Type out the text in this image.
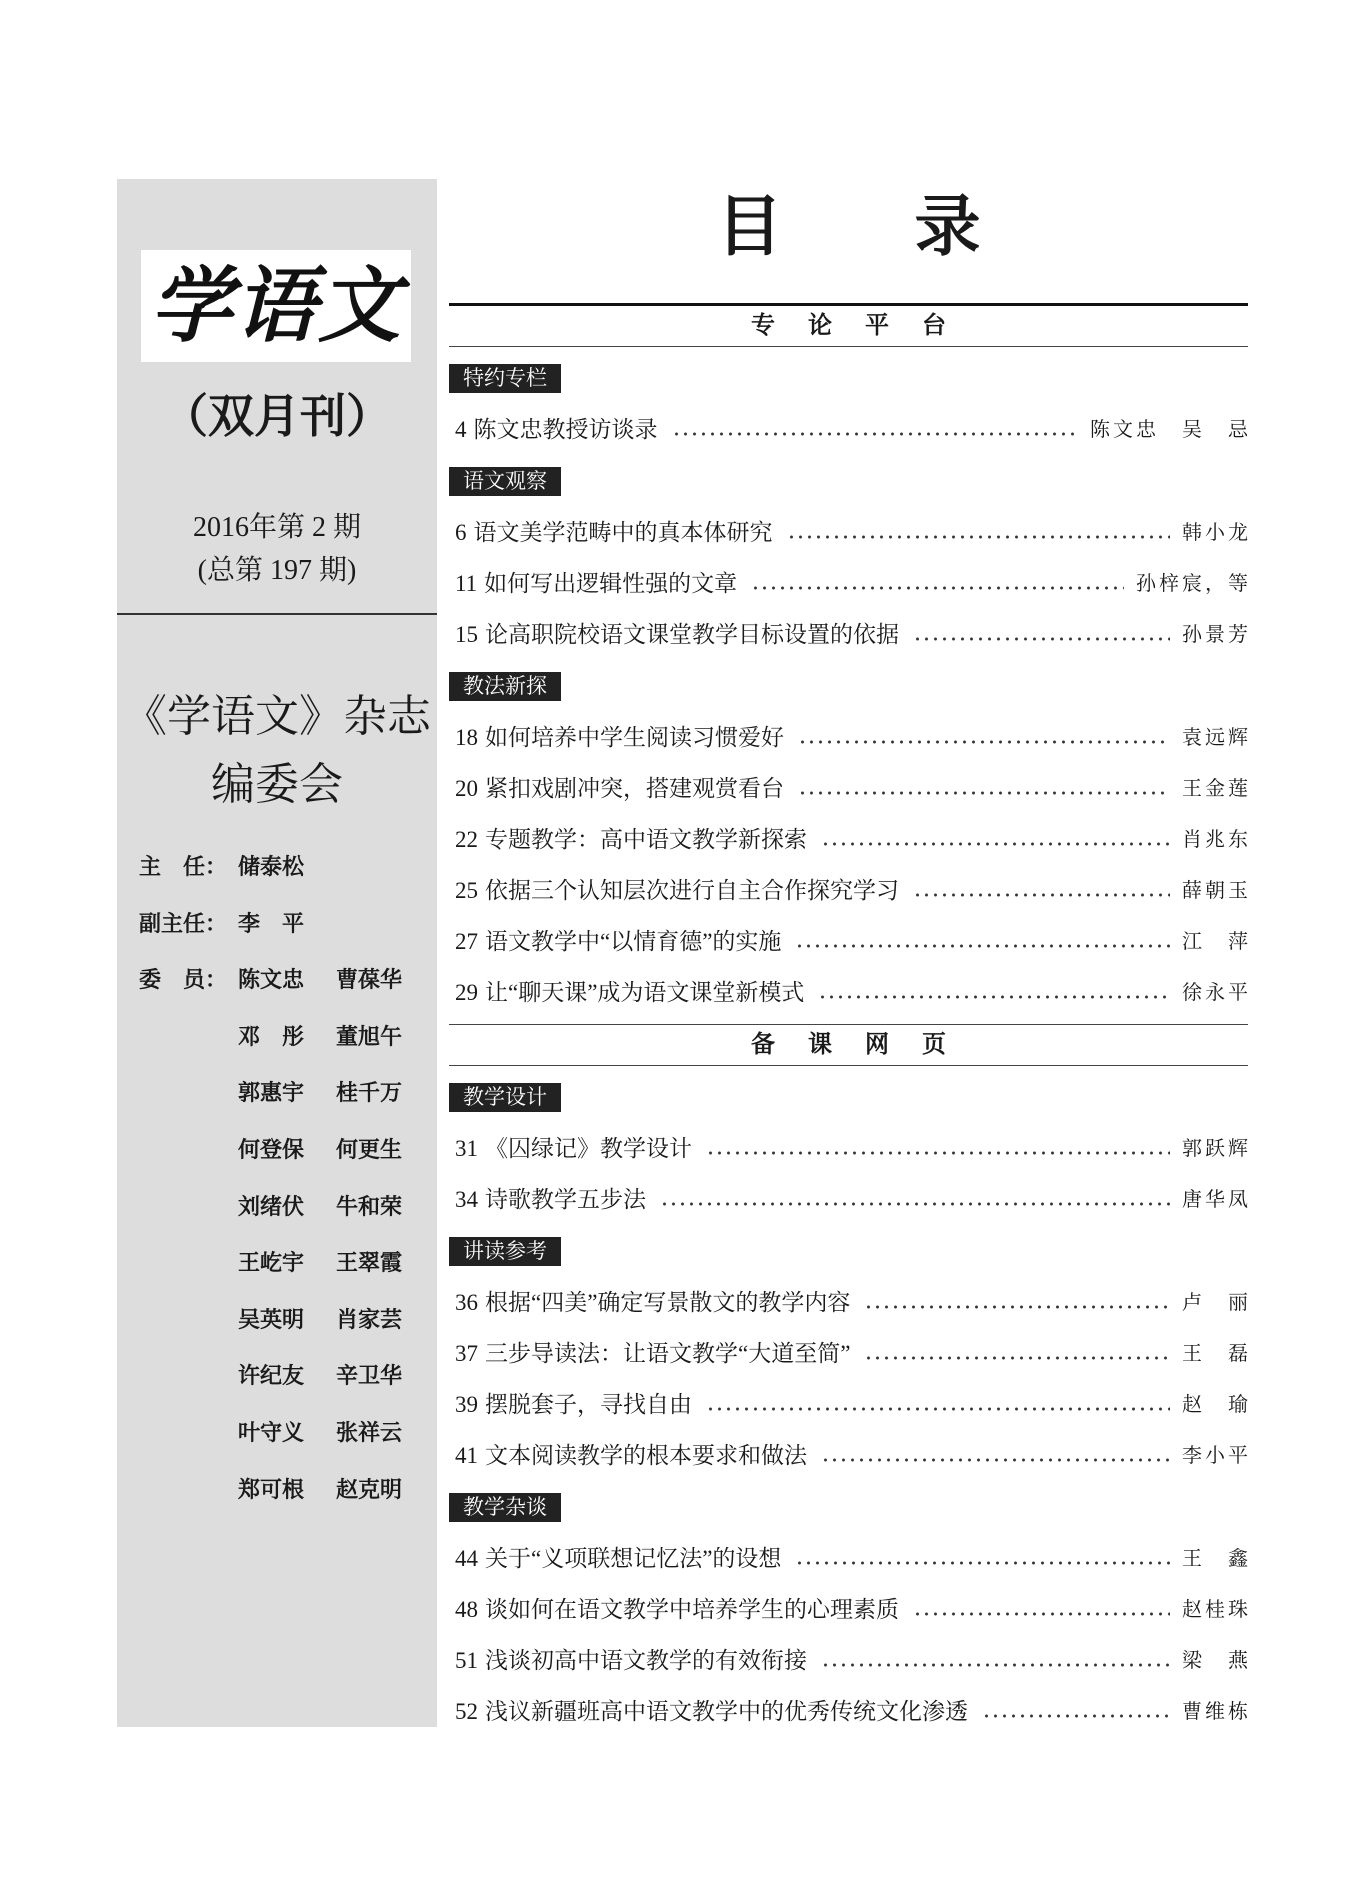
学语文
（双月刊）
2016年第 2 期
(总第 197 期)
《学语文》杂志
编委会
主　任： 储泰松
副主任： 李　平
委　员： 陈文忠	曹葆华
邓　彤	董旭午
郭惠宇	桂千万
何登保	何更生
刘绪伏	牛和荣
王屹宇	王翠霞
吴英明	肖家芸
许纪友	辛卫华
叶守义	张祥云
郑可根	赵克明
目录
专论平台
特约专栏
4 陈文忠教授访谈录	陈文忠　吴　忌
语文观察
6 语文美学范畴中的真本体研究	韩小龙
11 如何写出逻辑性强的文章	孙梓宸，等
15 论高职院校语文课堂教学目标设置的依据	孙景芳
教法新探
18 如何培养中学生阅读习惯爱好	袁远辉
20 紧扣戏剧冲突，搭建观赏看台	王金莲
22 专题教学：高中语文教学新探索	肖兆东
25 依据三个认知层次进行自主合作探究学习	薛朝玉
27 语文教学中“以情育德”的实施	江　萍
29 让“聊天课”成为语文课堂新模式	徐永平
备课网页
教学设计
31 《囚绿记》教学设计	郭跃辉
34 诗歌教学五步法	唐华凤
讲读参考
36 根据“四美”确定写景散文的教学内容	卢　丽
37 三步导读法：让语文教学“大道至简”	王　磊
39 摆脱套子，寻找自由	赵　瑜
41 文本阅读教学的根本要求和做法	李小平
教学杂谈
44 关于“义项联想记忆法”的设想	王　鑫
48 谈如何在语文教学中培养学生的心理素质	赵桂珠
51 浅谈初高中语文教学的有效衔接	梁　燕
52 浅议新疆班高中语文教学中的优秀传统文化渗透	曹维栋
